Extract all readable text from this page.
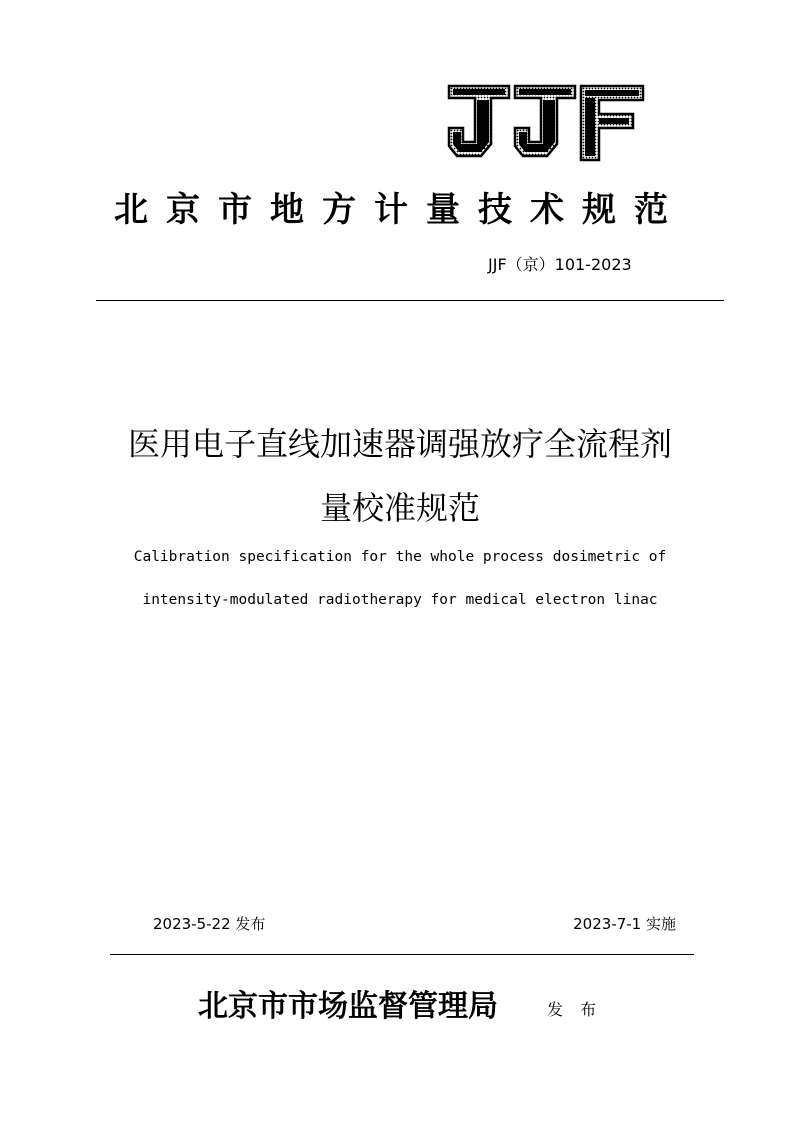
北京市地方计量技术规范
JJF（京）101-2023
医用电子直线加速器调强放疗全流程剂
量校准规范
Calibration specification for the whole process dosimetric of
intensity-modulated radiotherapy for medical electron linac
2023-5-22 发布	2023-7-1 实施
北京市市场监督管理局	发 布
